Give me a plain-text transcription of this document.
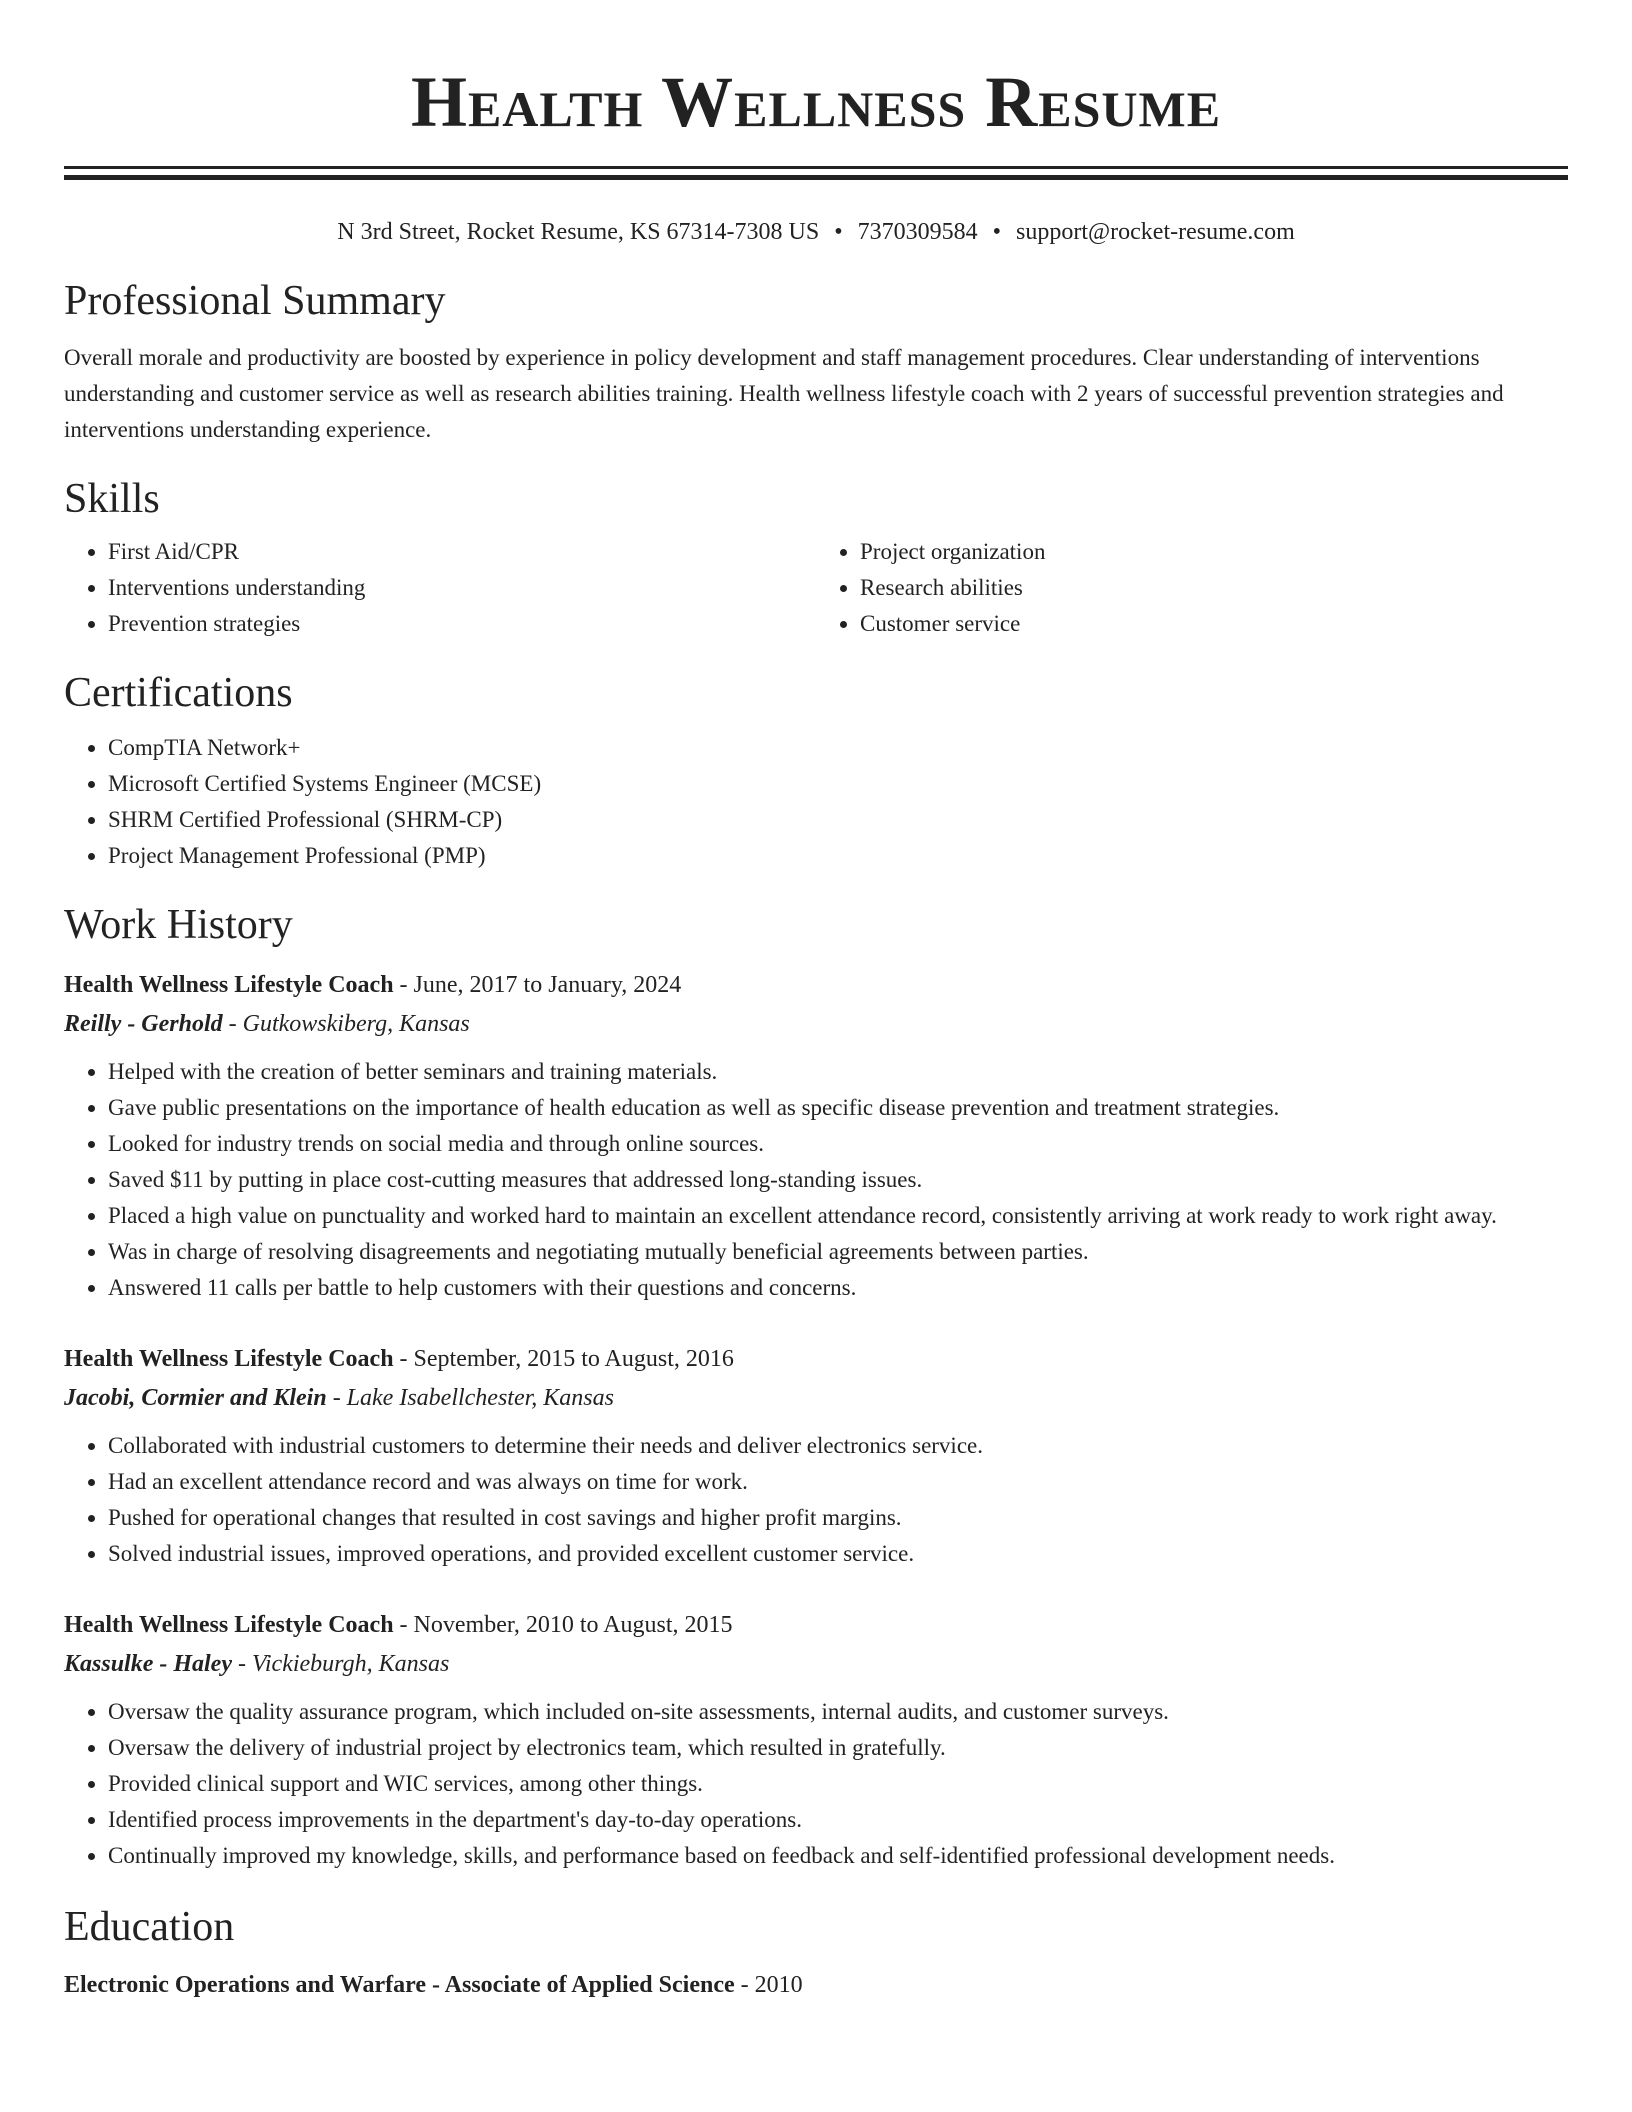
Health Wellness Resume
N 3rd Street, Rocket Resume, KS 67314-7308 US • 7370309584 • support@rocket-resume.com
Professional Summary
Overall morale and productivity are boosted by experience in policy development and staff management procedures. Clear understanding of interventions understanding and customer service as well as research abilities training. Health wellness lifestyle coach with 2 years of successful prevention strategies and interventions understanding experience.
Skills
• First Aid/CPR
• Interventions understanding
• Prevention strategies
• Project organization
• Research abilities
• Customer service
Certifications
• CompTIA Network+
• Microsoft Certified Systems Engineer (MCSE)
• SHRM Certified Professional (SHRM-CP)
• Project Management Professional (PMP)
Work History
Health Wellness Lifestyle Coach - June, 2017 to January, 2024
Reilly - Gerhold - Gutkowskiberg, Kansas
• Helped with the creation of better seminars and training materials.
• Gave public presentations on the importance of health education as well as specific disease prevention and treatment strategies.
• Looked for industry trends on social media and through online sources.
• Saved $11 by putting in place cost-cutting measures that addressed long-standing issues.
• Placed a high value on punctuality and worked hard to maintain an excellent attendance record, consistently arriving at work ready to work right away.
• Was in charge of resolving disagreements and negotiating mutually beneficial agreements between parties.
• Answered 11 calls per battle to help customers with their questions and concerns.
Health Wellness Lifestyle Coach - September, 2015 to August, 2016
Jacobi, Cormier and Klein - Lake Isabellchester, Kansas
• Collaborated with industrial customers to determine their needs and deliver electronics service.
• Had an excellent attendance record and was always on time for work.
• Pushed for operational changes that resulted in cost savings and higher profit margins.
• Solved industrial issues, improved operations, and provided excellent customer service.
Health Wellness Lifestyle Coach - November, 2010 to August, 2015
Kassulke - Haley - Vickieburgh, Kansas
• Oversaw the quality assurance program, which included on-site assessments, internal audits, and customer surveys.
• Oversaw the delivery of industrial project by electronics team, which resulted in gratefully.
• Provided clinical support and WIC services, among other things.
• Identified process improvements in the department's day-to-day operations.
• Continually improved my knowledge, skills, and performance based on feedback and self-identified professional development needs.
Education
Electronic Operations and Warfare - Associate of Applied Science - 2010
